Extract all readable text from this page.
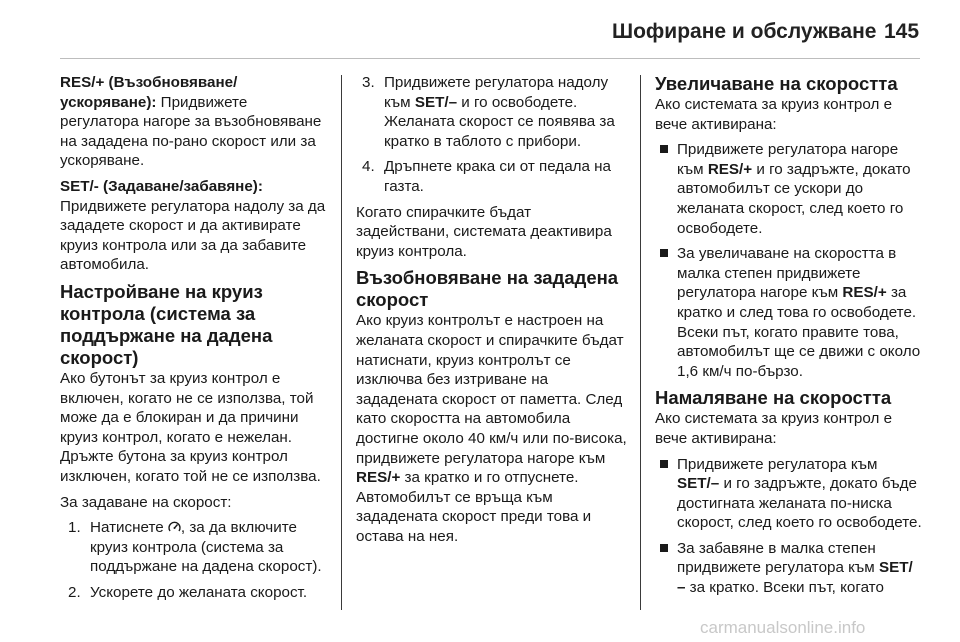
Шофиране и обслужване 145

RES/+ (Възобновяване/ ускоряване): Придвижете регулатора нагоре за възобновяване на зададена по-рано скорост или за ускоряване.

SET/- (Задаване/забавяне): Придвижете регулатора надолу за да зададете скорост и да активирате круиз контрола или за да забавите автомобила.

Настройване на круиз контрола (система за поддържане на дадена скорост)

Ако бутонът за круиз контрол е включен, когато не се използва, той може да е блокиран и да причини круиз контрол, когато е нежелан. Дръжте бутона за круиз контрол изключен, когато той не се използва.

За задаване на скорост:

1. Натиснете , за да включите круиз контрола (система за поддържане на дадена скорост).
2. Ускорете до желаната скорост.
3. Придвижете регулатора надолу към SET/– и го освободете. Желаната скорост се появява за кратко в таблото с прибори.
4. Дръпнете крака си от педала на газта.

Когато спирачките бъдат задействани, системата деактивира круиз контрола.

Възобновяване на зададена скорост

Ако круиз контролът е настроен на желаната скорост и спирачките бъдат натиснати, круиз контролът се изключва без изтриване на зададената скорост от паметта. След като скоростта на автомобила достигне около 40 км/ч или по-висока, придвижете регулатора нагоре към RES/+ за кратко и го отпуснете. Автомобилът се връща към зададената скорост преди това и остава на нея.

Увеличаване на скоростта

Ако системата за круиз контрол е вече активирана:

Придвижете регулатора нагоре към RES/+ и го задръжте, докато автомобилът се ускори до желаната скорост, след което го освободете.
За увеличаване на скоростта в малка степен придвижете регулатора нагоре към RES/+ за кратко и след това го освободете. Всеки път, когато правите това, автомобилът ще се движи с около 1,6 км/ч по-бързо.
Намаляване на скоростта

Ако системата за круиз контрол е вече активирана:

Придвижете регулатора към SET/– и го задръжте, докато бъде достигната желаната по-ниска скорост, след което го освободете.
За забавяне в малка степен придвижете регулатора към SET/ – за кратко. Всеки път, когато
carmanualsonline.info
